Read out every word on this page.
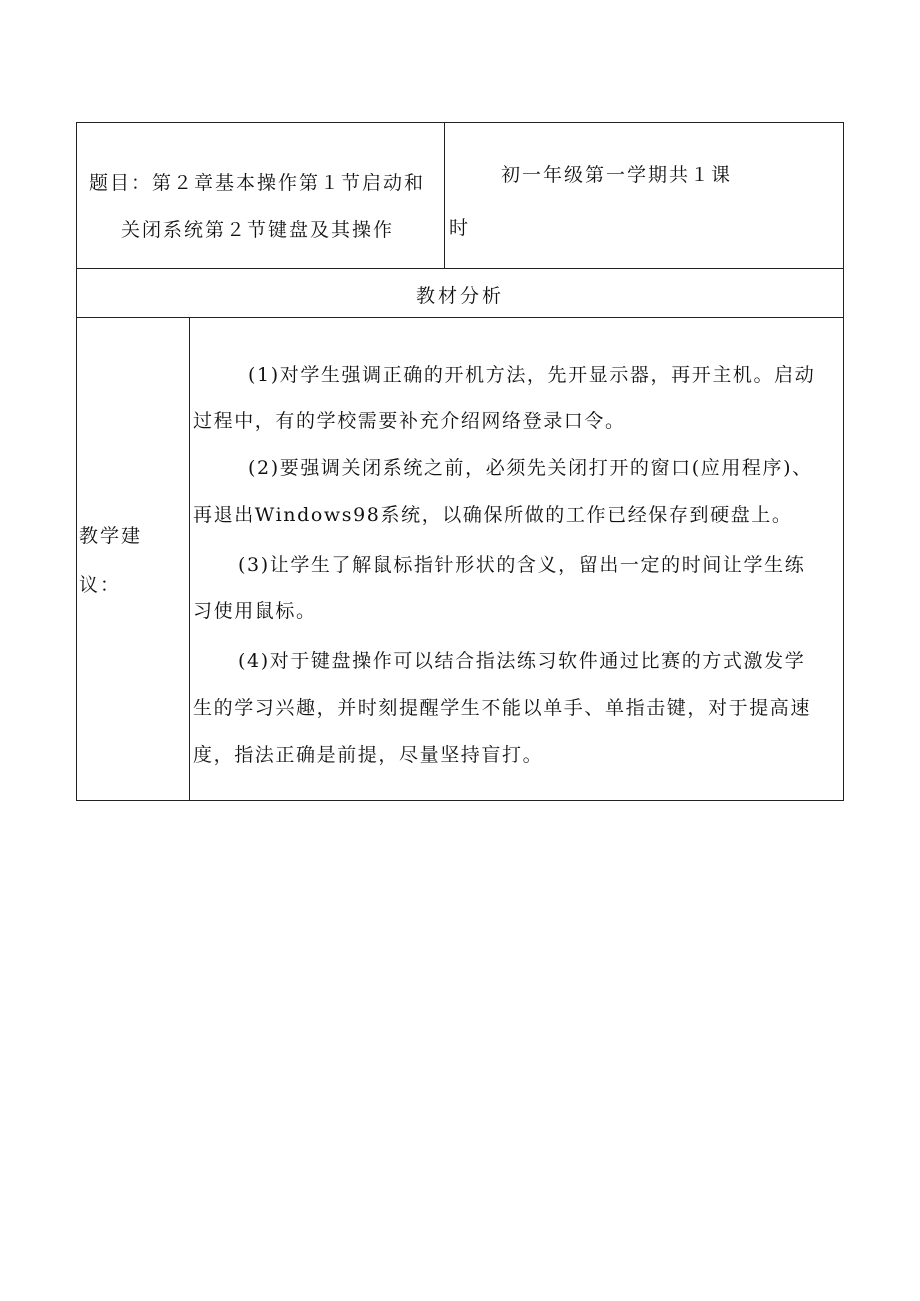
题目：第２章基本操作第１节启动和
关闭系统第２节键盘及其操作
初一年级第一学期共１课
时
教材分析
教学建
议：
(1)对学生强调正确的开机方法，先开显示器，再开主机。启动
过程中，有的学校需要补充介绍网络登录口令。
(2)要强调关闭系统之前，必须先关闭打开的窗口(应用程序)、
再退出Windows98系统，以确保所做的工作已经保存到硬盘上。
(3)让学生了解鼠标指针形状的含义，留出一定的时间让学生练
习使用鼠标。
(4)对于键盘操作可以结合指法练习软件通过比赛的方式激发学
生的学习兴趣，并时刻提醒学生不能以单手、单指击键，对于提高速
度，指法正确是前提，尽量坚持盲打。
